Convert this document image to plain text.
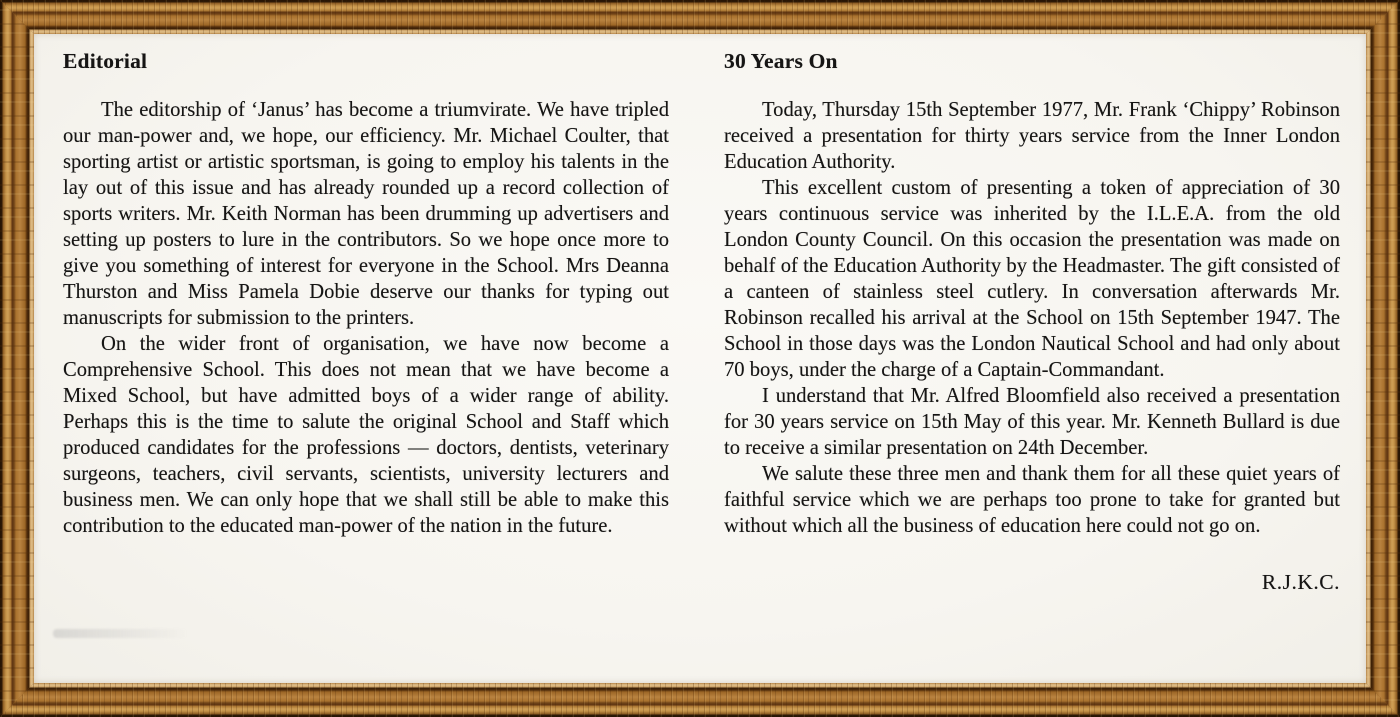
Editorial

The editorship of ‘Janus’ has become a triumvirate. We have tripled our man-power and, we hope, our efficiency. Mr. Michael Coulter, that sporting artist or artistic sportsman, is going to employ his talents in the lay out of this issue and has already rounded up a record collection of sports writers. Mr. Keith Norman has been drumming up advertisers and setting up posters to lure in the contributors. So we hope once more to give you something of interest for everyone in the School. Mrs Deanna Thurston and Miss Pamela Dobie deserve our thanks for typing out manuscripts for submission to the printers.

On the wider front of organisation, we have now become a Comprehensive School. This does not mean that we have become a Mixed School, but have admitted boys of a wider range of ability. Perhaps this is the time to salute the original School and Staff which produced candidates for the professions — doctors, dentists, veterinary surgeons, teachers, civil servants, scientists, university lecturers and business men. We can only hope that we shall still be able to make this contribution to the educated man-power of the nation in the future.

30 Years On

Today, Thursday 15th September 1977, Mr. Frank ‘Chippy’ Robinson received a presentation for thirty years service from the Inner London Education Authority.

This excellent custom of presenting a token of appreciation of 30 years continuous service was inherited by the I.L.E.A. from the old London County Council. On this occasion the presentation was made on behalf of the Education Authority by the Headmaster. The gift consisted of a canteen of stainless steel cutlery. In conversation afterwards Mr. Robinson recalled his arrival at the School on 15th September 1947. The School in those days was the London Nautical School and had only about 70 boys, under the charge of a Captain-Commandant.

I understand that Mr. Alfred Bloomfield also received a presentation for 30 years service on 15th May of this year. Mr. Kenneth Bullard is due to receive a similar presentation on 24th December.

We salute these three men and thank them for all these quiet years of faithful service which we are perhaps too prone to take for granted but without which all the business of education here could not go on.

R.J.K.C.
